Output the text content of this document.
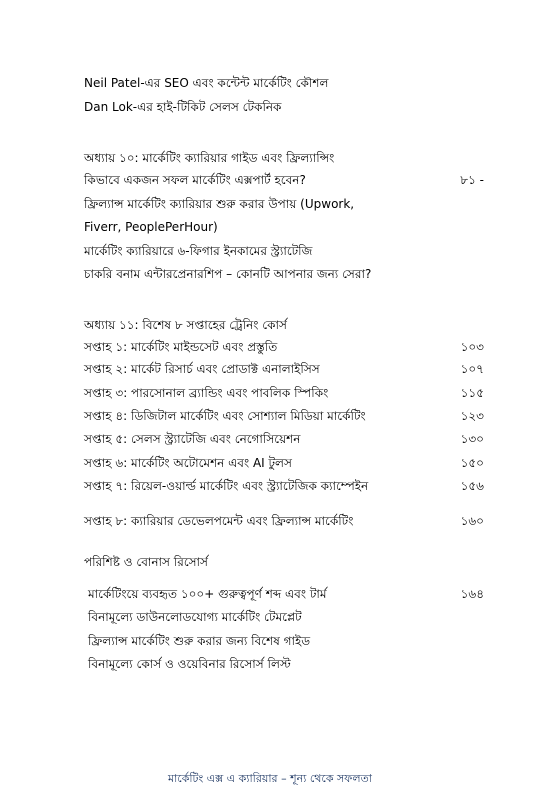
Neil Patel-এর SEO এবং কন্টেন্ট মার্কেটিং কৌশল
Dan Lok-এর হাই-টিকিট সেলস টেকনিক
অধ্যায় ১০: মার্কেটিং ক্যারিয়ার গাইড এবং ফ্রিল্যান্সিং
কিভাবে একজন সফল মার্কেটিং এক্সপার্ট হবেন?	৮১ -
ফ্রিল্যান্স মার্কেটিং ক্যারিয়ার শুরু করার উপায় (Upwork,
Fiverr, PeoplePerHour)
মার্কেটিং ক্যারিয়ারে ৬-ফিগার ইনকামের স্ট্র্যাটেজি
চাকরি বনাম এন্টারপ্রেনারশিপ – কোনটি আপনার জন্য সেরা?
অধ্যায় ১১: বিশেষ ৮ সপ্তাহের ট্রেনিং কোর্স
সপ্তাহ ১: মার্কেটিং মাইন্ডসেট এবং প্রস্তুতি	১০৩
সপ্তাহ ২: মার্কেট রিসার্চ এবং প্রোডাক্ট এনালাইসিস	১০৭
সপ্তাহ ৩: পারসোনাল ব্র্যান্ডিং এবং পাবলিক স্পিকিং	১১৫
সপ্তাহ ৪: ডিজিটাল মার্কেটিং এবং সোশ্যাল মিডিয়া মার্কেটিং	১২৩
সপ্তাহ ৫: সেলস স্ট্র্যাটেজি এবং নেগোসিয়েশন	১৩০
সপ্তাহ ৬: মার্কেটিং অটোমেশন এবং AI টুলস	১৫০
সপ্তাহ ৭: রিয়েল-ওয়ার্ল্ড মার্কেটিং এবং স্ট্র্যাটেজিক ক্যাম্পেইন	১৫৬
সপ্তাহ ৮: ক্যারিয়ার ডেভেলপমেন্ট এবং ফ্রিল্যান্স মার্কেটিং	১৬০
পরিশিষ্ট ও বোনাস রিসোর্স
মার্কেটিংয়ে ব্যবহৃত ১০০+ গুরুত্বপূর্ণ শব্দ এবং টার্ম	১৬৪
বিনামূল্যে ডাউনলোডযোগ্য মার্কেটিং টেমপ্লেট
ফ্রিল্যান্স মার্কেটিং শুরু করার জন্য বিশেষ গাইড
বিনামূল্যে কোর্স ও ওয়েবিনার রিসোর্স লিস্ট
মার্কেটিং এক্স এ ক্যারিয়ার – শূন্য থেকে সফলতা
